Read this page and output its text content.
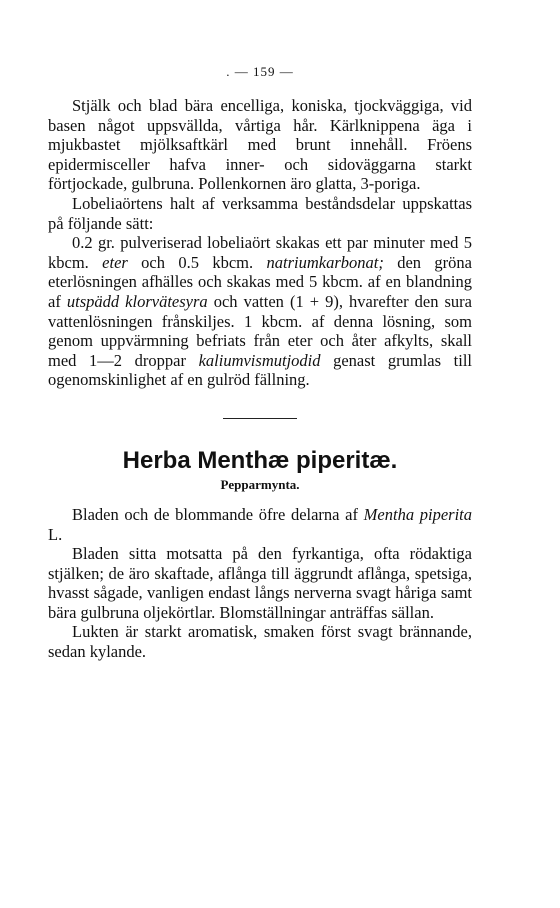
. — 159 —

Stjälk och blad bära encelliga, koniska, tjockväggiga, vid basen något uppsvällda, vårtiga hår. Kärlknippena äga i mjukbastet mjölksaftkärl med brunt innehåll. Fröens epidermisceller hafva inner- och sidoväggarna starkt förtjockade, gulbruna. Pollenkornen äro glatta, 3-poriga.

Lobeliaörtens halt af verksamma beståndsdelar uppskattas på följande sätt:

0.2 gr. pulveriserad lobeliaört skakas ett par minuter med 5 kbcm. eter och 0.5 kbcm. natriumkarbonat; den gröna eterlösningen afhälles och skakas med 5 kbcm. af en blandning af utspädd klorvätesyra och vatten (1 + 9), hvarefter den sura vattenlösningen frånskiljes. 1 kbcm. af denna lösning, som genom uppvärmning befriats från eter och åter afkylts, skall med 1—2 droppar kaliumvismutjodid genast grumlas till ogenomskinlighet af en gulröd fällning.

Herba Menthæ piperitæ.
Pepparmynta.

Bladen och de blommande öfre delarna af Mentha piperita L.

Bladen sitta motsatta på den fyrkantiga, ofta rödaktiga stjälken; de äro skaftade, aflånga till äggrundt aflånga, spetsiga, hvasst sågade, vanligen endast långs nerverna svagt håriga samt bära gulbruna oljekörtlar. Blomställningar anträffas sällan.

Lukten är starkt aromatisk, smaken först svagt brännande, sedan kylande.
